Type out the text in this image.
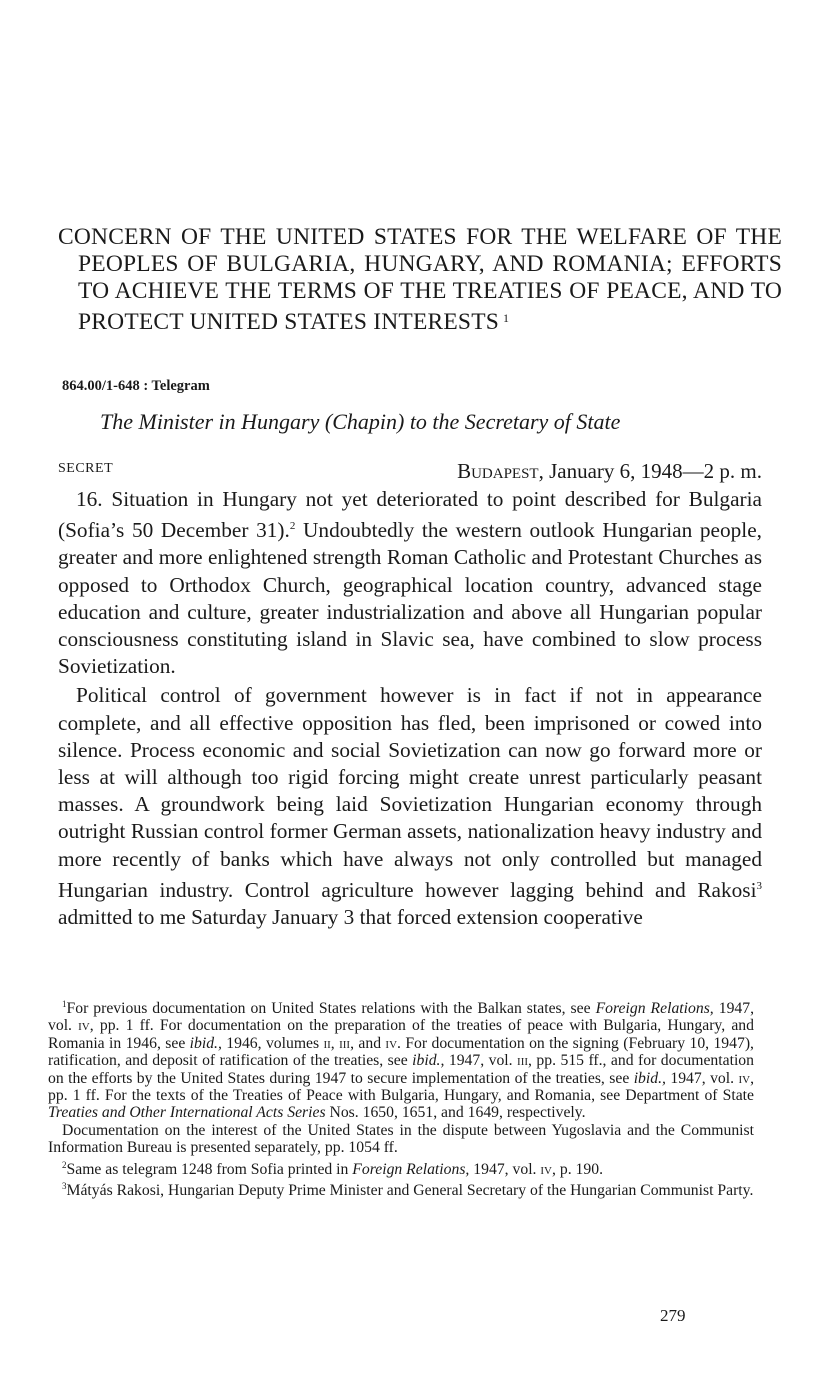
CONCERN OF THE UNITED STATES FOR THE WELFARE OF THE PEOPLES OF BULGARIA, HUNGARY, AND ROMANIA; EFFORTS TO ACHIEVE THE TERMS OF THE TREATIES OF PEACE, AND TO PROTECT UNITED STATES INTERESTS $^1$
864.00/1-648 : Telegram
The Minister in Hungary (Chapin) to the Secretary of State
SECRET	Budapest, January 6, 1948—2 p. m.

16. Situation in Hungary not yet deteriorated to point described for Bulgaria (Sofia’s 50 December 31).$^2$ Undoubtedly the western outlook Hungarian people, greater and more enlightened strength Roman Catholic and Protestant Churches as opposed to Orthodox Church, geographical location country, advanced stage education and culture, greater industrialization and above all Hungarian popular consciousness constituting island in Slavic sea, have combined to slow process Sovietization.

Political control of government however is in fact if not in appearance complete, and all effective opposition has fled, been imprisoned or cowed into silence. Process economic and social Sovietization can now go forward more or less at will although too rigid forcing might create unrest particularly peasant masses. A groundwork being laid Sovietization Hungarian economy through outright Russian control former German assets, nationalization heavy industry and more recently of banks which have always not only controlled but managed Hungarian industry. Control agriculture however lagging behind and Rakosi$^3$ admitted to me Saturday January 3 that forced extension cooperative

$^1$For previous documentation on United States relations with the Balkan states, see Foreign Relations, 1947, vol. iv, pp. 1 ff. For documentation on the preparation of the treaties of peace with Bulgaria, Hungary, and Romania in 1946, see ibid., 1946, volumes ii, iii, and iv. For documentation on the signing (February 10, 1947), ratification, and deposit of ratification of the treaties, see ibid., 1947, vol. iii, pp. 515 ff., and for documentation on the efforts by the United States during 1947 to secure implementation of the treaties, see ibid., 1947, vol. iv, pp. 1 ff. For the texts of the Treaties of Peace with Bulgaria, Hungary, and Romania, see Department of State Treaties and Other International Acts Series Nos. 1650, 1651, and 1649, respectively.

Documentation on the interest of the United States in the dispute between Yugoslavia and the Communist Information Bureau is presented separately, pp. 1054 ff.

$^2$Same as telegram 1248 from Sofia printed in Foreign Relations, 1947, vol. iv, p. 190.

$^3$Mátyás Rakosi, Hungarian Deputy Prime Minister and General Secretary of the Hungarian Communist Party.

279
